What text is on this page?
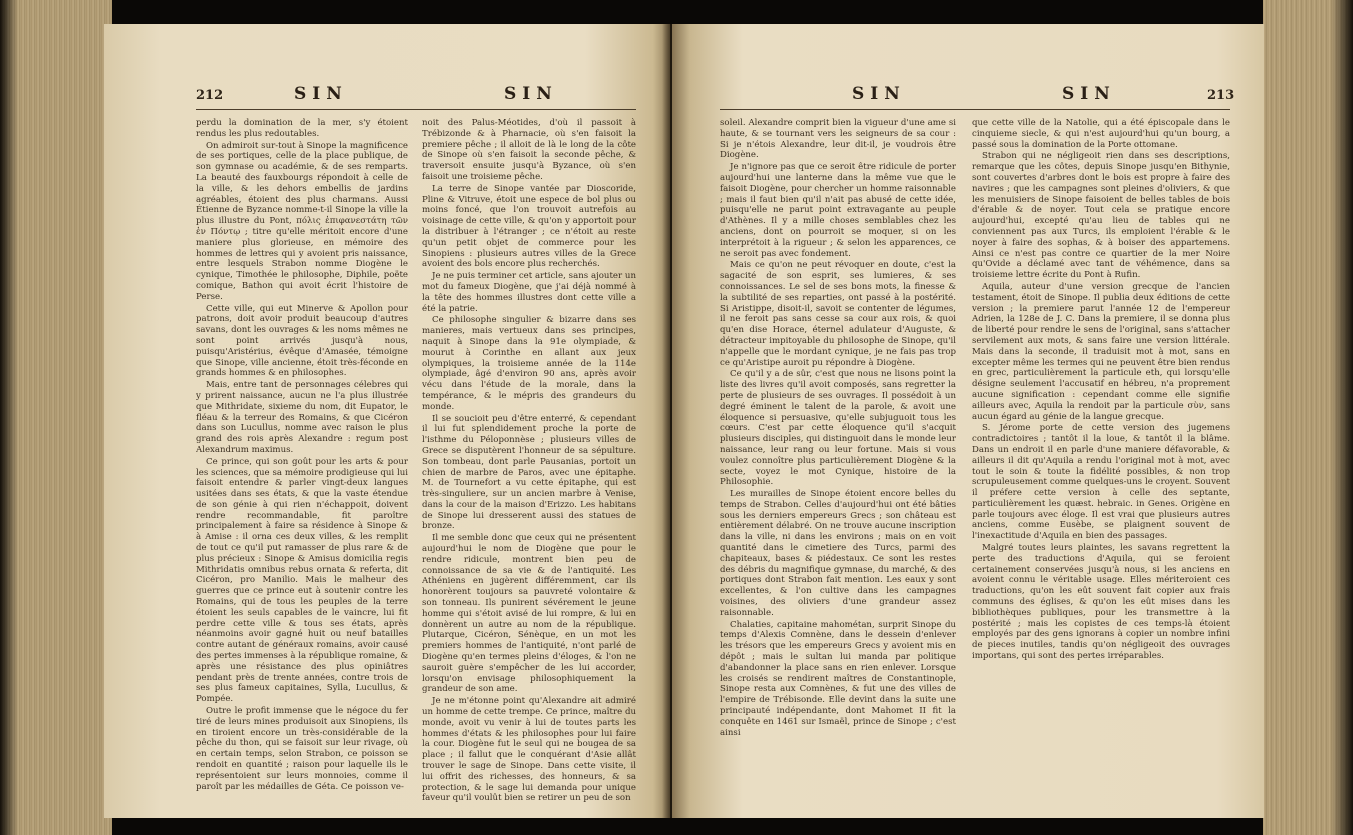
212	SIN	SIN

perdu la domination de la mer, s'y étoient rendus les plus redoutables.

On admiroit sur-tout à Sinope la magnificence de ses portiques, celle de la place publique, de son gymnase ou académie, & de ses remparts. La beauté des fauxbourgs répondoit à celle de la ville, & les dehors embellis de jardins agréables, étoient des plus charmans. Aussi Étienne de Byzance nomme-t-il Sinope la ville la plus illustre du Pont, πόλις ἐπιφανεστάτη τῶν ἐν Πόντῳ ; titre qu'elle méritoit encore d'une maniere plus glorieuse, en mémoire des hommes de lettres qui y avoient pris naissance, entre lesquels Strabon nomme Diogène le cynique, Timothée le philosophe, Diphile, poëte comique, Bathon qui avoit écrit l'histoire de Perse.

Cette ville, qui eut Minerve & Apollon pour patrons, doit avoir produit beaucoup d'autres savans, dont les ouvrages & les noms mêmes ne sont point arrivés jusqu'à nous, puisqu'Aristérius, évêque d'Amasée, témoigne que Sinope, ville ancienne, étoit très-féconde en grands hommes & en philosophes.

Mais, entre tant de personnages célebres qui y prirent naissance, aucun ne l'a plus illustrée que Mithridate, sixieme du nom, dit Eupator, le fléau & la terreur des Romains, & que Cicéron dans son Lucullus, nomme avec raison le plus grand des rois après Alexandre : regum post Alexandrum maximus.

Ce prince, qui son goût pour les arts & pour les sciences, que sa mémoire prodigieuse qui lui faisoit entendre & parler vingt-deux langues usitées dans ses états, & que la vaste étendue de son génie à qui rien n'échappoit, doivent rendre recommandable, fit paroître principalement à faire sa résidence à Sinope & à Amise : il orna ces deux villes, & les remplit de tout ce qu'il put ramasser de plus rare & de plus précieux : Sinope & Amisus domicilia regis Mithridatis omnibus rebus ornata & referta, dit Cicéron, pro Manilio. Mais le malheur des guerres que ce prince eut à soutenir contre les Romains, qui de tous les peuples de la terre étoient les seuls capables de le vaincre, lui fit perdre cette ville & tous ses états, après néanmoins avoir gagné huit ou neuf batailles contre autant de généraux romains, avoir causé des pertes immenses à la république romaine, & après une résistance des plus opiniâtres pendant près de trente années, contre trois de ses plus fameux capitaines, Sylla, Lucullus, & Pompée.

Outre le profit immense que le négoce du fer tiré de leurs mines produisoit aux Sinopiens, ils en tiroient encore un très-considérable de la pêche du thon, qui se faisoit sur leur rivage, où en certain temps, selon Strabon, ce poisson se rendoit en quantité ; raison pour laquelle ils le représentoient sur leurs monnoies, comme il paroît par les médailles de Géta. Ce poisson ve-

noit des Palus-Méotides, d'où il passoit à Trébizonde & à Pharnacie, où s'en faisoit la premiere pêche ; il alloit de là le long de la côte de Sinope où s'en faisoit la seconde pêche, & traversoit ensuite jusqu'à Byzance, où s'en faisoit une troisieme pêche.

La terre de Sinope vantée par Dioscoride, Pline & Vitruve, étoit une espece de bol plus ou moins foncé, que l'on trouvoit autrefois au voisinage de cette ville, & qu'on y apportoit pour la distribuer à l'étranger ; ce n'étoit au reste qu'un petit objet de commerce pour les Sinopiens : plusieurs autres villes de la Grece avoient des bols encore plus recherchés.

Je ne puis terminer cet article, sans ajouter un mot du fameux Diogène, que j'ai déjà nommé à la tête des hommes illustres dont cette ville a été la patrie.

Ce philosophe singulier & bizarre dans ses manieres, mais vertueux dans ses principes, naquit à Sinope dans la 91e olympiade, & mourut à Corinthe en allant aux jeux olympiques, la troisieme année de la 114e olympiade, âgé d'environ 90 ans, après avoir vécu dans l'étude de la morale, dans la tempérance, & le mépris des grandeurs du monde.

Il se soucioit peu d'être enterré, & cependant il lui fut splendidement proche la porte de l'isthme du Péloponnèse ; plusieurs villes de Grece se disputèrent l'honneur de sa sépulture. Son tombeau, dont parle Pausanias, portoit un chien de marbre de Paros, avec une épitaphe. M. de Tournefort a vu cette épitaphe, qui est très-singuliere, sur un ancien marbre à Venise, dans la cour de la maison d'Erizzo. Les habitans de Sinope lui dresserent aussi des statues de bronze.

Il me semble donc que ceux qui ne présentent aujourd'hui le nom de Diogène que pour le rendre ridicule, montrent bien peu de connoissance de sa vie & de l'antiquité. Les Athéniens en jugèrent différemment, car ils honorèrent toujours sa pauvreté volontaire & son tonneau. Ils punirent sévérement le jeune homme qui s'étoit avisé de lui rompre, & lui en donnèrent un autre au nom de la république. Plutarque, Cicéron, Sénèque, en un mot les premiers hommes de l'antiquité, n'ont parlé de Diogène qu'en termes pleins d'éloges, & l'on ne sauroit guère s'empêcher de les lui accorder, lorsqu'on envisage philosophiquement la grandeur de son ame.

Je ne m'étonne point qu'Alexandre ait admiré un homme de cette trempe. Ce prince, maître du monde, avoit vu venir à lui de toutes parts les hommes d'états & les philosophes pour lui faire la cour. Diogène fut le seul qui ne bougea de sa place ; il fallut que le conquérant d'Asie allât trouver le sage de Sinope. Dans cette visite, il lui offrit des richesses, des honneurs, & sa protection, & le sage lui demanda pour unique faveur qu'il voulût bien se retirer un peu de son

SIN	SIN	213

soleil. Alexandre comprit bien la vigueur d'une ame si haute, & se tournant vers les seigneurs de sa cour : Si je n'étois Alexandre, leur dit-il, je voudrois être Diogène.

Je n'ignore pas que ce seroit être ridicule de porter aujourd'hui une lanterne dans la même vue que le faisoit Diogène, pour chercher un homme raisonnable ; mais il faut bien qu'il n'ait pas abusé de cette idée, puisqu'elle ne parut point extravagante au peuple d'Athènes. Il y a mille choses semblables chez les anciens, dont on pourroit se moquer, si on les interprétoit à la rigueur ; & selon les apparences, ce ne seroit pas avec fondement.

Mais ce qu'on ne peut révoquer en doute, c'est la sagacité de son esprit, ses lumieres, & ses connoissances. Le sel de ses bons mots, la finesse & la subtilité de ses reparties, ont passé à la postérité. Si Aristippe, disoit-il, savoit se contenter de légumes, il ne feroit pas sans cesse sa cour aux rois, & quoi qu'en dise Horace, éternel adulateur d'Auguste, & détracteur impitoyable du philosophe de Sinope, qu'il n'appelle que le mordant cynique, je ne fais pas trop ce qu'Aristipe auroit pu répondre à Diogène.

Ce qu'il y a de sûr, c'est que nous ne lisons point la liste des livres qu'il avoit composés, sans regretter la perte de plusieurs de ses ouvrages. Il possédoit à un degré éminent le talent de la parole, & avoit une éloquence si persuasive, qu'elle subjuguoit tous les cœurs. C'est par cette éloquence qu'il s'acquit plusieurs disciples, qui distinguoit dans le monde leur naissance, leur rang ou leur fortune. Mais si vous voulez connoître plus particulièrement Diogène & la secte, voyez le mot Cynique, histoire de la Philosophie.

Les murailles de Sinope étoient encore belles du temps de Strabon. Celles d'aujourd'hui ont été bâties sous les derniers empereurs Grecs ; son château est entièrement délabré. On ne trouve aucune inscription dans la ville, ni dans les environs ; mais on en voit quantité dans le cimetiere des Turcs, parmi des chapiteaux, bases & piédestaux. Ce sont les restes des débris du magnifique gymnase, du marché, & des portiques dont Strabon fait mention. Les eaux y sont excellentes, & l'on cultive dans les campagnes voisines, des oliviers d'une grandeur assez raisonnable.

Chalaties, capitaine mahométan, surprit Sinope du temps d'Alexis Comnène, dans le dessein d'enlever les trésors que les empereurs Grecs y avoient mis en dépôt ; mais le sultan lui manda par politique d'abandonner la place sans en rien enlever. Lorsque les croisés se rendirent maîtres de Constantinople, Sinope resta aux Comnènes, & fut une des villes de l'empire de Trébisonde. Elle devint dans la suite une principauté indépendante, dont Mahomet II fit la conquête en 1461 sur Ismaël, prince de Sinope ; c'est ainsi

que cette ville de la Natolie, qui a été épiscopale dans le cinquieme siecle, & qui n'est aujourd'hui qu'un bourg, a passé sous la domination de la Porte ottomane.

Strabon qui ne négligeoit rien dans ses descriptions, remarque que les côtes, depuis Sinope jusqu'en Bithynie, sont couvertes d'arbres dont le bois est propre à faire des navires ; que les campagnes sont pleines d'oliviers, & que les menuisiers de Sinope faisoient de belles tables de bois d'érable & de noyer. Tout cela se pratique encore aujourd'hui, excepté qu'au lieu de tables qui ne conviennent pas aux Turcs, ils emploient l'érable & le noyer à faire des sophas, & à boiser des appartemens. Ainsi ce n'est pas contre ce quartier de la mer Noire qu'Ovide a déclamé avec tant de véhémence, dans sa troisieme lettre écrite du Pont à Rufin.

Aquila, auteur d'une version grecque de l'ancien testament, étoit de Sinope. Il publia deux éditions de cette version ; la premiere parut l'année 12 de l'empereur Adrien, la 128e de J. C. Dans la premiere, il se donna plus de liberté pour rendre le sens de l'original, sans s'attacher servilement aux mots, & sans faire une version littérale. Mais dans la seconde, il traduisit mot à mot, sans en excepter même les termes qui ne peuvent être bien rendus en grec, particulièrement la particule eth, qui lorsqu'elle désigne seulement l'accusatif en hébreu, n'a proprement aucune signification : cependant comme elle signifie ailleurs avec, Aquila la rendoit par la particule σὺν, sans aucun égard au génie de la langue grecque.

S. Jérome porte de cette version des jugemens contradictoires ; tantôt il la loue, & tantôt il la blâme. Dans un endroit il en parle d'une maniere défavorable, & ailleurs il dit qu'Aquila a rendu l'original mot à mot, avec tout le soin & toute la fidélité possibles, & non trop scrupuleusement comme quelques-uns le croyent. Souvent il préfere cette version à celle des septante, particulièrement les quæst. hebraic. in Genes. Origène en parle toujours avec éloge. Il est vrai que plusieurs autres anciens, comme Eusèbe, se plaignent souvent de l'inexactitude d'Aquila en bien des passages.

Malgré toutes leurs plaintes, les savans regrettent la perte des traductions d'Aquila, qui se feroient certainement conservées jusqu'à nous, si les anciens en avoient connu le véritable usage. Elles mériteroient ces traductions, qu'on les eût souvent fait copier aux frais communs des églises, & qu'on les eût mises dans les bibliothèques publiques, pour les transmettre à la postérité ; mais les copistes de ces temps-là étoient employés par des gens ignorans à copier un nombre infini de pieces inutiles, tandis qu'on négligeoit des ouvrages importans, qui sont des pertes irréparables.
